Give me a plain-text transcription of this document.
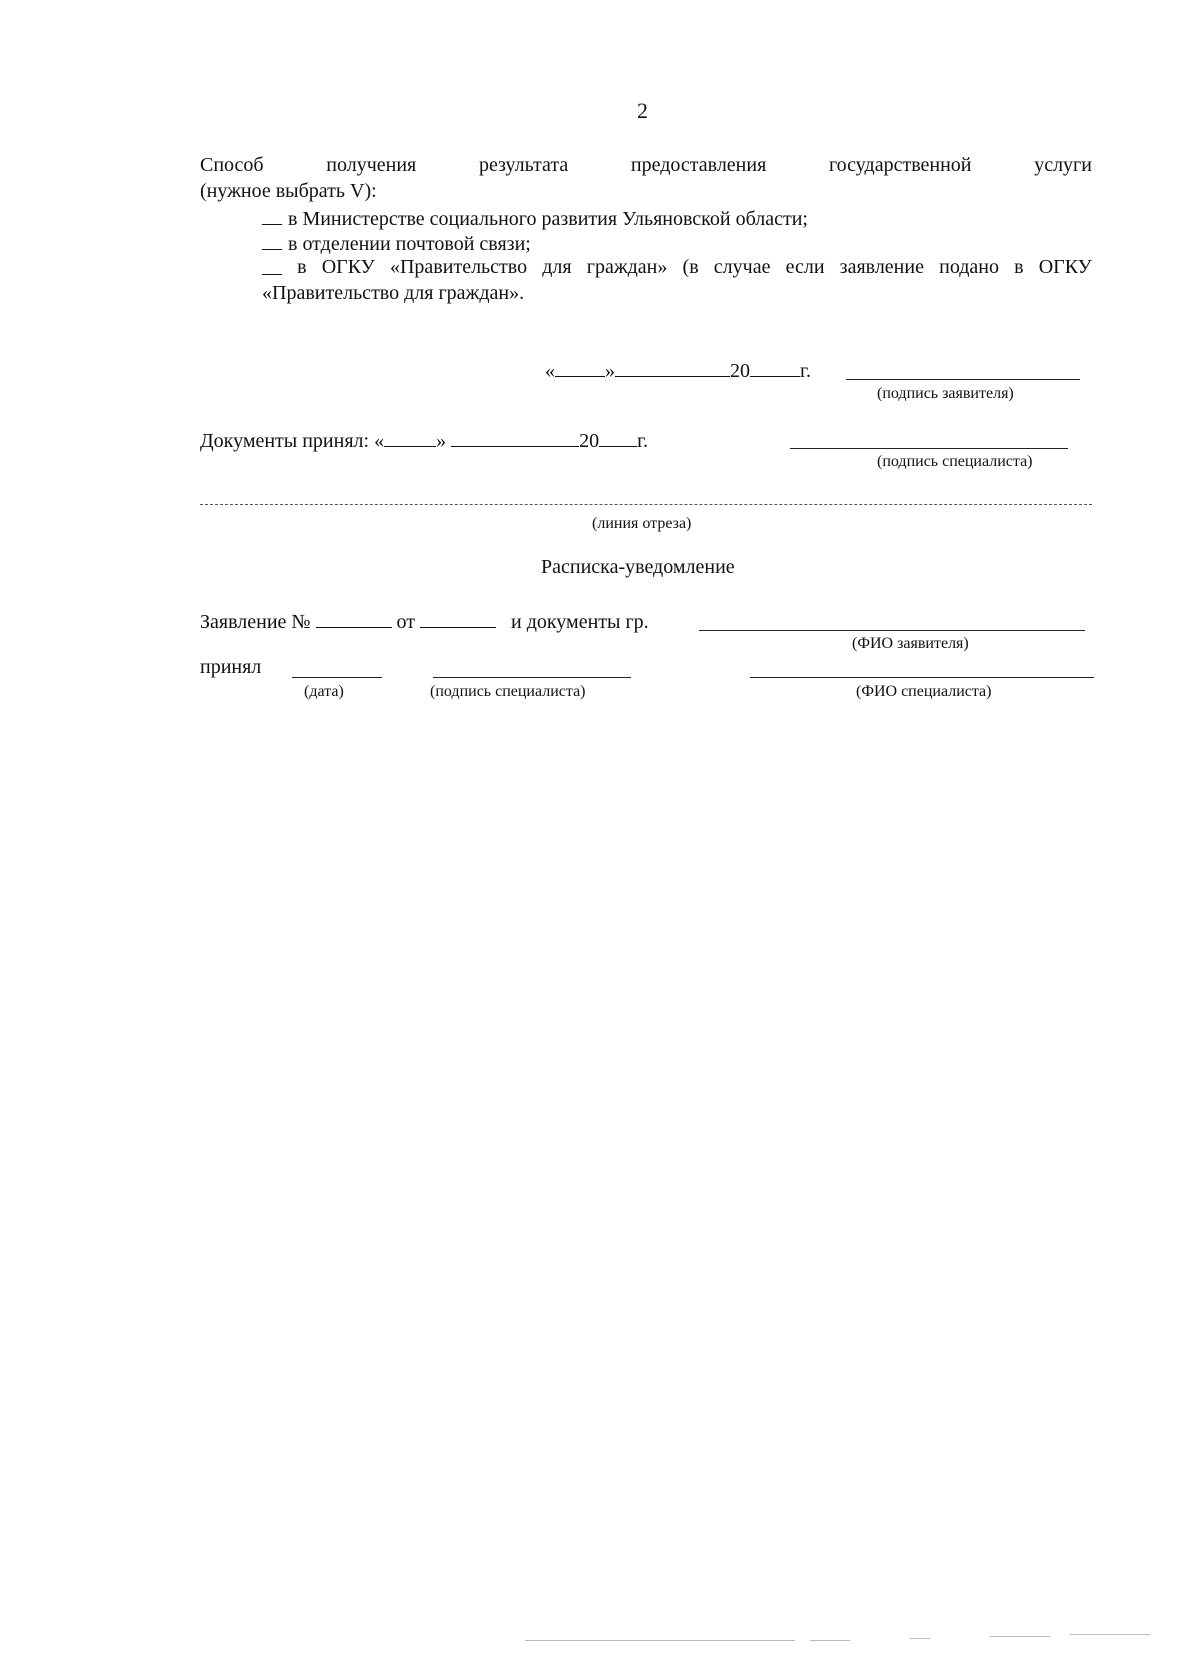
2
Способ	получения	результата	предоставления	государственной	услуги
(нужное выбрать V):
в Министерстве социального развития Ульяновской области;
в отделении почтовой связи;
в ОГКУ «Правительство для граждан» (в случае если заявление подано в ОГКУ
«Правительство для граждан».
«	»	20	г.
(подпись заявителя)
Документы принял: «	»	20 г.
(подпись специалиста)
(линия отреза)
Расписка-уведомление
Заявление №	от	и документы гр.
(ФИО заявителя)
принял
(дата)	(подпись специалиста)	(ФИО специалиста)
